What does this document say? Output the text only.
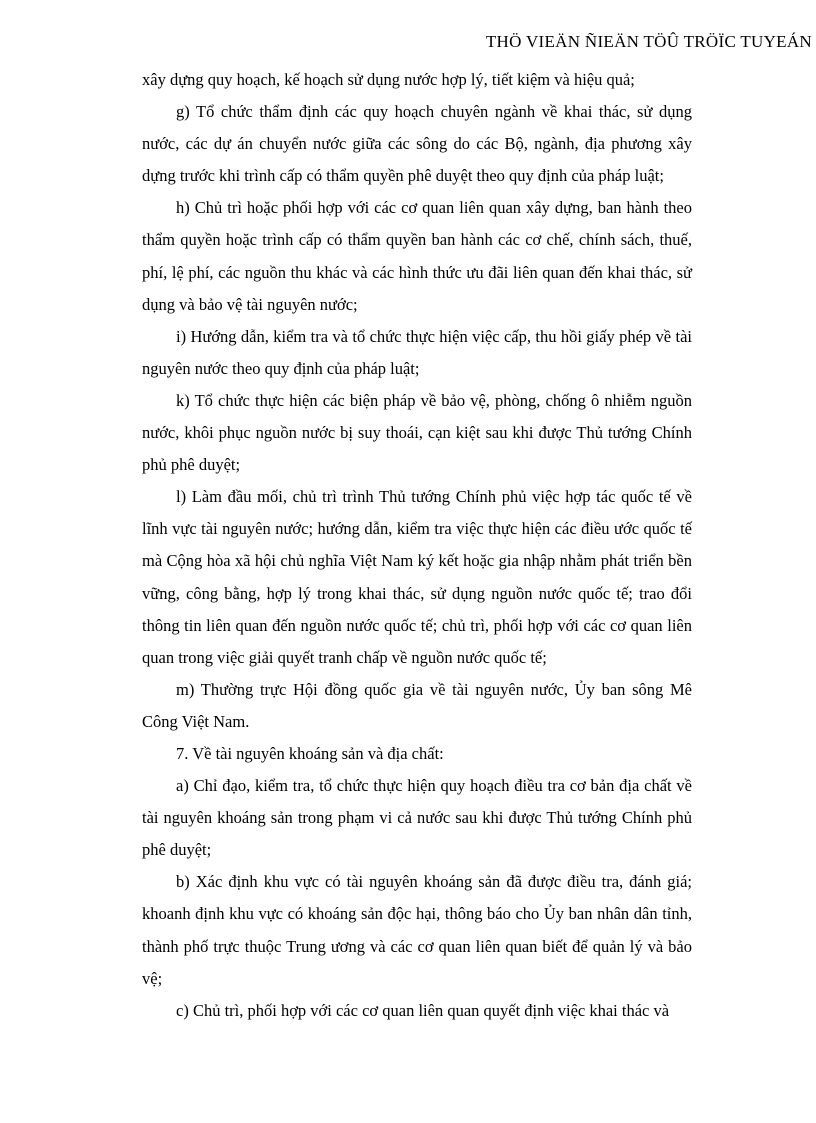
THÖ VIEÄN ÑIEÄN TÖÛ TRÖÏC TUYEÁN

xây dựng quy hoạch, kế hoạch sử dụng nước hợp lý, tiết kiệm và hiệu quả;

g) Tổ chức thẩm định các quy hoạch chuyên ngành về khai thác, sử dụng nước, các dự án chuyển nước giữa các sông do các Bộ, ngành, địa phương xây dựng trước khi trình cấp có thẩm quyền phê duyệt theo quy định của pháp luật;

h) Chủ trì hoặc phối hợp với các cơ quan liên quan xây dựng, ban hành theo thẩm quyền hoặc trình cấp có thẩm quyền ban hành các cơ chế, chính sách, thuế, phí, lệ phí, các nguồn thu khác và các hình thức ưu đãi liên quan đến khai thác, sử dụng và bảo vệ tài nguyên nước;

i) Hướng dẫn, kiểm tra và tổ chức thực hiện việc cấp, thu hồi giấy phép về tài nguyên nước theo quy định của pháp luật;

k) Tổ chức thực hiện các biện pháp về bảo vệ, phòng, chống ô nhiễm nguồn nước, khôi phục nguồn nước bị suy thoái, cạn kiệt sau khi được Thủ tướng Chính phủ phê duyệt;

l) Làm đầu mối, chủ trì trình Thủ tướng Chính phủ việc hợp tác quốc tế về lĩnh vực tài nguyên nước; hướng dẫn, kiểm tra việc thực hiện các điều ước quốc tế mà Cộng hòa xã hội chủ nghĩa Việt Nam ký kết hoặc gia nhập nhằm phát triển bền vững, công bằng, hợp lý trong khai thác, sử dụng nguồn nước quốc tế; trao đổi thông tin liên quan đến nguồn nước quốc tế; chủ trì, phối hợp với các cơ quan liên quan trong việc giải quyết tranh chấp về nguồn nước quốc tế;

m) Thường trực Hội đồng quốc gia về tài nguyên nước, Ủy ban sông Mê Công Việt Nam.

7. Về tài nguyên khoáng sản và địa chất:

a) Chỉ đạo, kiểm tra, tổ chức thực hiện quy hoạch điều tra cơ bản địa chất về tài nguyên khoáng sản trong phạm vi cả nước sau khi được Thủ tướng Chính phủ phê duyệt;

b) Xác định khu vực có tài nguyên khoáng sản đã được điều tra, đánh giá; khoanh định khu vực có khoáng sản độc hại, thông báo cho Ủy ban nhân dân tỉnh, thành phố trực thuộc Trung ương và các cơ quan liên quan biết để quản lý và bảo vệ;

c) Chủ trì, phối hợp với các cơ quan liên quan quyết định việc khai thác và
